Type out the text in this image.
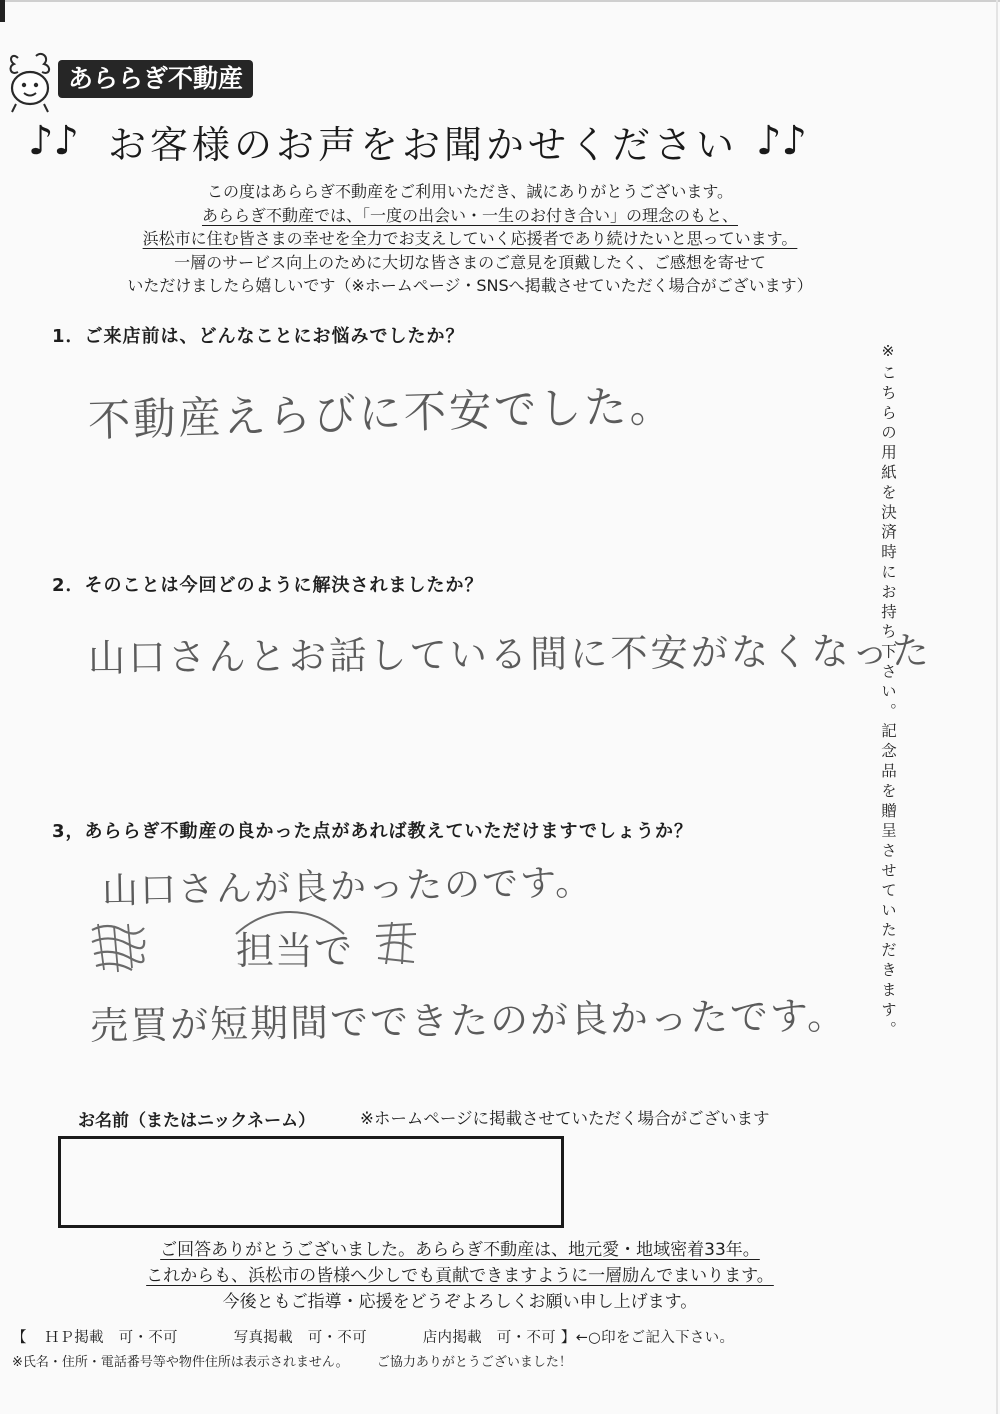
あららぎ不動産
♪♪ お客様のお声をお聞かせください ♪♪
この度はあららぎ不動産をご利用いただき、誠にありがとうございます。
あららぎ不動産では、「一度の出会い・一生のお付き合い」の理念のもと、
浜松市に住む皆さまの幸せを全力でお支えしていく応援者であり続けたいと思っています。
一層のサービス向上のために大切な皆さまのご意見を頂戴したく、ご感想を寄せて
いただけましたら嬉しいです（※ホームページ・SNSへ掲載させていただく場合がございます）
1．ご来店前は、どんなことにお悩みでしたか？
不動産えらびに不安でした。
2．そのことは今回どのように解決されましたか？
山口さんとお話している間に不安がなくなった
3，あららぎ不動産の良かった点があれば教えていただけますでしょうか？
山口さんが良かったのです。
担当で
売買が短期間でできたのが良かったです。 ※こちらの用紙を決済時にお持ち下さい。記念品を贈呈させていただきます。
お名前（またはニックネーム）	※ホームページに掲載させていただく場合がございます
ご回答ありがとうございました。あららぎ不動産は、地元愛・地域密着33年。
これからも、浜松市の皆様へ少しでも貢献できますように一層励んでまいります。
今後ともご指導・応援をどうぞよろしくお願い申し上げます。
【 ＨＰ掲載　可・不可	写真掲載　可・不可	店内掲載　可・不可 】←○印をご記入下さい。
※氏名・住所・電話番号等や物件住所は表示されません。 ご協力ありがとうございました！
